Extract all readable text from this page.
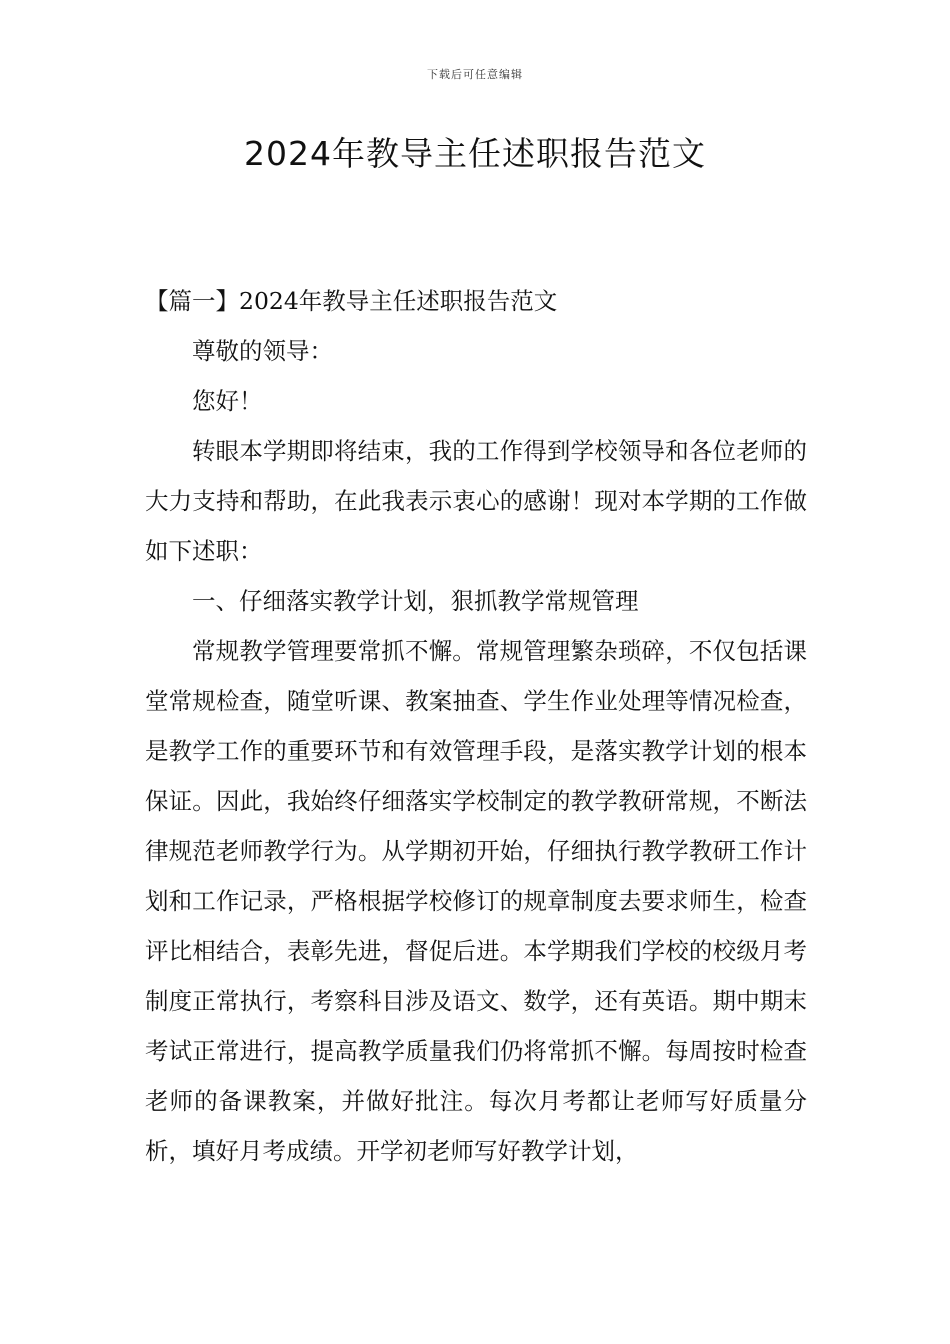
下载后可任意编辑
2024年教导主任述职报告范文

【篇一】2024年教导主任述职报告范文

尊敬的领导：

您好！

转眼本学期即将结束，我的工作得到学校领导和各位老师的大力支持和帮助，在此我表示衷心的感谢！现对本学期的工作做如下述职：

一、仔细落实教学计划，狠抓教学常规管理

常规教学管理要常抓不懈。常规管理繁杂琐碎，不仅包括课堂常规检查，随堂听课、教案抽查、学生作业处理等情况检查，是教学工作的重要环节和有效管理手段，是落实教学计划的根本保证。因此，我始终仔细落实学校制定的教学教研常规，不断法律规范老师教学行为。从学期初开始，仔细执行教学教研工作计划和工作记录，严格根据学校修订的规章制度去要求师生，检查评比相结合，表彰先进，督促后进。本学期我们学校的校级月考制度正常执行，考察科目涉及语文、数学，还有英语。期中期末考试正常进行，提高教学质量我们仍将常抓不懈。每周按时检查老师的备课教案，并做好批注。每次月考都让老师写好质量分析，填好月考成绩。开学初老师写好教学计划，
